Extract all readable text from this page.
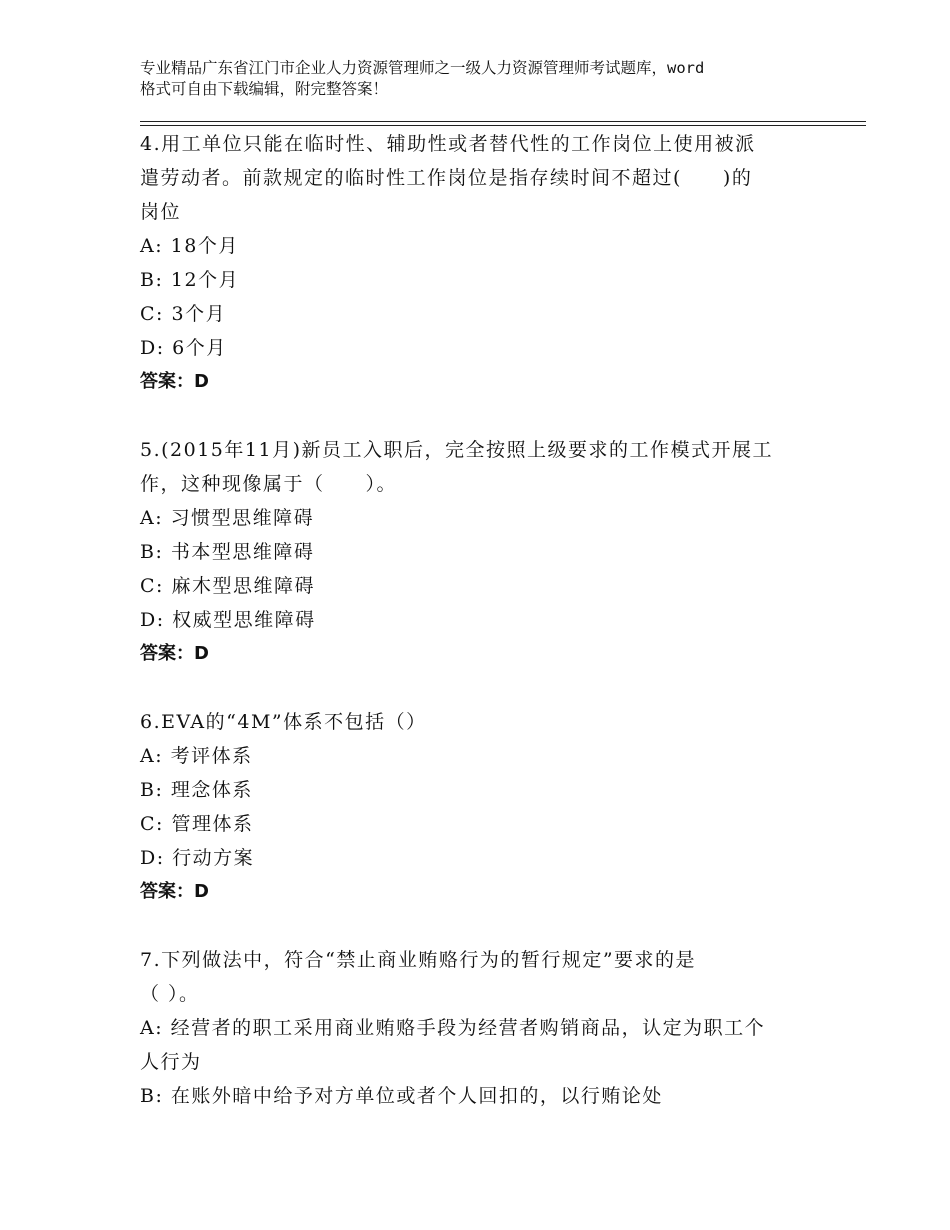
专业精品广东省江门市企业人力资源管理师之一级人力资源管理师考试题库，word
格式可自由下载编辑，附完整答案！
4.用工单位只能在临时性、辅助性或者替代性的工作岗位上使用被派
遣劳动者。前款规定的临时性工作岗位是指存续时间不超过(　　)的
岗位
A: 18个月
B: 12个月
C: 3个月
D: 6个月
答案：D
5.(2015年11月)新员工入职后，完全按照上级要求的工作模式开展工
作，这种现像属于（　　）。
A: 习惯型思维障碍
B: 书本型思维障碍
C: 麻木型思维障碍
D: 权威型思维障碍
答案：D
6.EVA的“4M”体系不包括（）
A: 考评体系
B: 理念体系
C: 管理体系
D: 行动方案
答案：D
7.下列做法中，符合“禁止商业贿赂行为的暂行规定”要求的是
（ ）。
A: 经营者的职工采用商业贿赂手段为经营者购销商品，认定为职工个
人行为
B: 在账外暗中给予对方单位或者个人回扣的，以行贿论处
